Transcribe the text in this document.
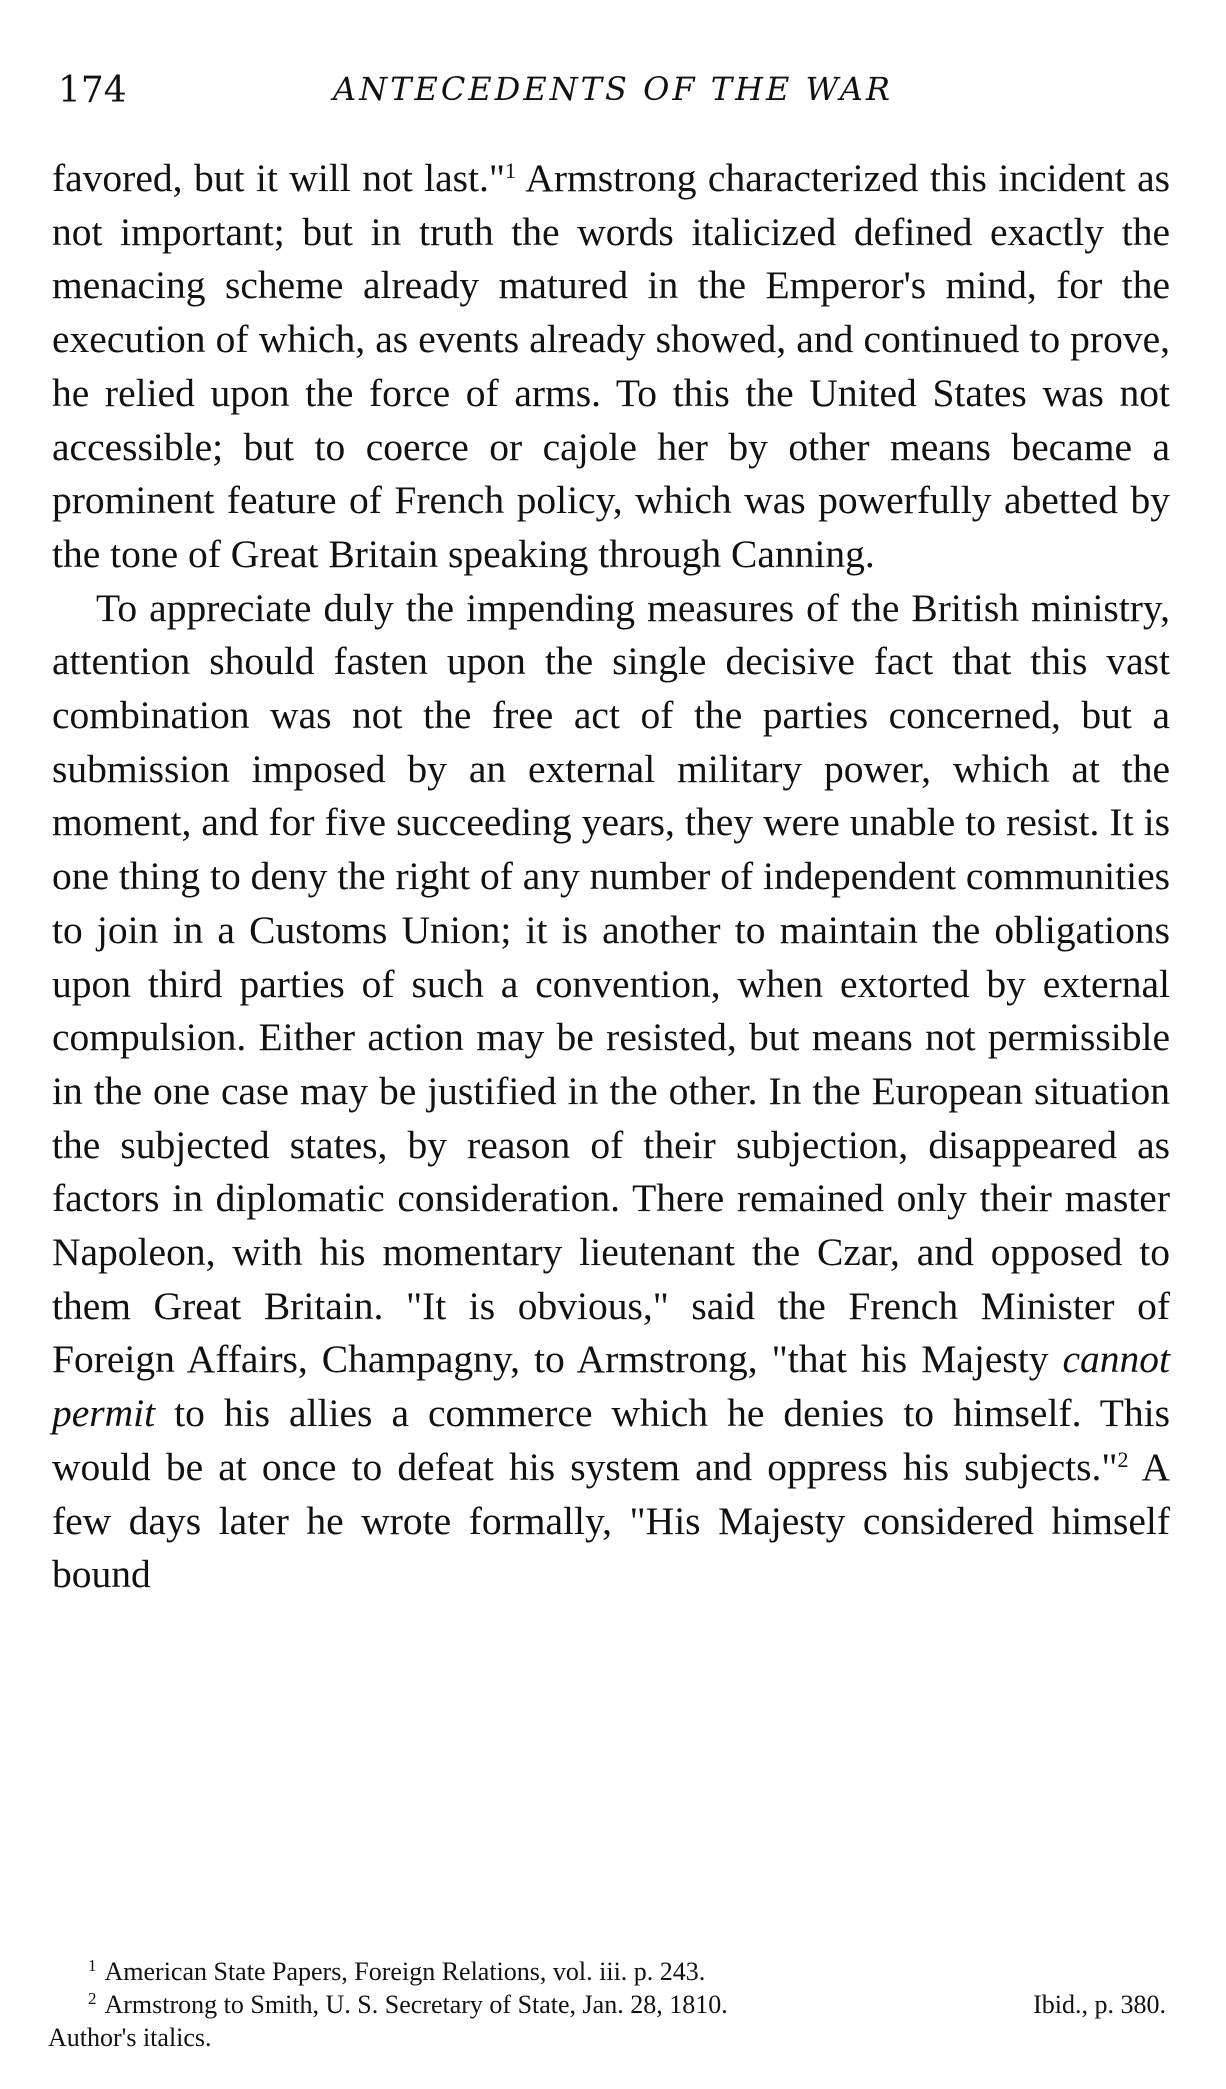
174	ANTECEDENTS OF THE WAR

favored, but it will not last."$^1$ Armstrong characterized this incident as not important; but in truth the words italicized defined exactly the menacing scheme already matured in the Emperor's mind, for the execution of which, as events already showed, and continued to prove, he relied upon the force of arms. To this the United States was not accessible; but to coerce or cajole her by other means became a prominent feature of French policy, which was powerfully abetted by the tone of Great Britain speaking through Canning.

To appreciate duly the impending measures of the British ministry, attention should fasten upon the single decisive fact that this vast combination was not the free act of the parties concerned, but a submission imposed by an external military power, which at the moment, and for five succeeding years, they were unable to resist. It is one thing to deny the right of any number of independent communities to join in a Customs Union; it is another to maintain the obligations upon third parties of such a convention, when extorted by external compulsion. Either action may be resisted, but means not permissible in the one case may be justified in the other. In the European situation the subjected states, by reason of their subjection, disappeared as factors in diplomatic consideration. There remained only their master Napoleon, with his momentary lieutenant the Czar, and opposed to them Great Britain. "It is obvious," said the French Minister of Foreign Affairs, Champagny, to Armstrong, "that his Majesty cannot permit to his allies a commerce which he denies to himself. This would be at once to defeat his system and oppress his subjects."$^2$ A few days later he wrote formally, "His Majesty considered himself bound

$^1$ American State Papers, Foreign Relations, vol. iii. p. 243.

$^2$ Armstrong to Smith, U. S. Secretary of State, Jan. 28, 1810.	Ibid., p. 380.

Author's italics.
